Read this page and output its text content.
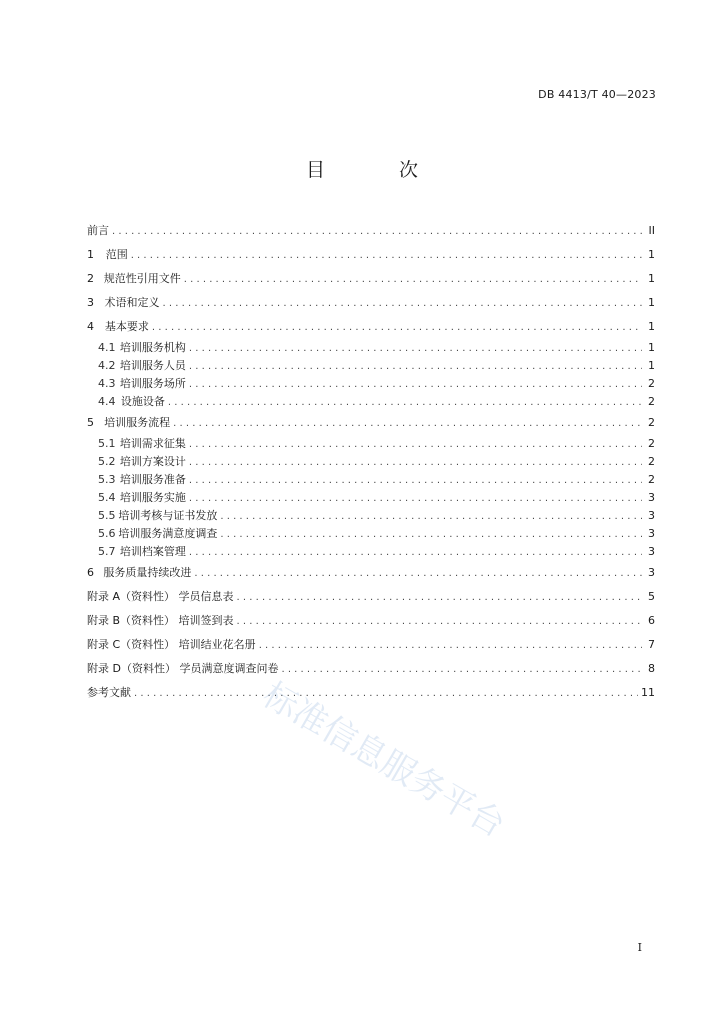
DB 4413/T 40—2023
目 次
前言 . . .	II
1	范围 . . .	1
2 规范性引用文件 . . .	1
3 术语和定义 . . .	1
4 基本要求 . . .	1
4.1 培训服务机构 . . .	1
4.2 培训服务人员 . . .	1
4.3 培训服务场所 . . .	2
4.4 设施设备 . . .	2
5 培训服务流程 . . .	2
5.1 培训需求征集 . . .	2
5.2 培训方案设计 . . .	2
5.3 培训服务准备 . . .	2
5.4 培训服务实施 . . .	3
5.5 培训考核与证书发放 . . .	3
5.6 培训服务满意度调查 . . .	3
5.7 培训档案管理 . . .	3
6 服务质量持续改进 . . .	3
附录 A（资料性） 学员信息表 . . .	5
附录 B（资料性） 培训签到表 . . .	6
附录 C（资料性） 培训结业花名册 . . .	7
附录 D（资料性） 学员满意度调查问卷 . . .	8
参考文献 . . .	11
标准信息服务平台
I
